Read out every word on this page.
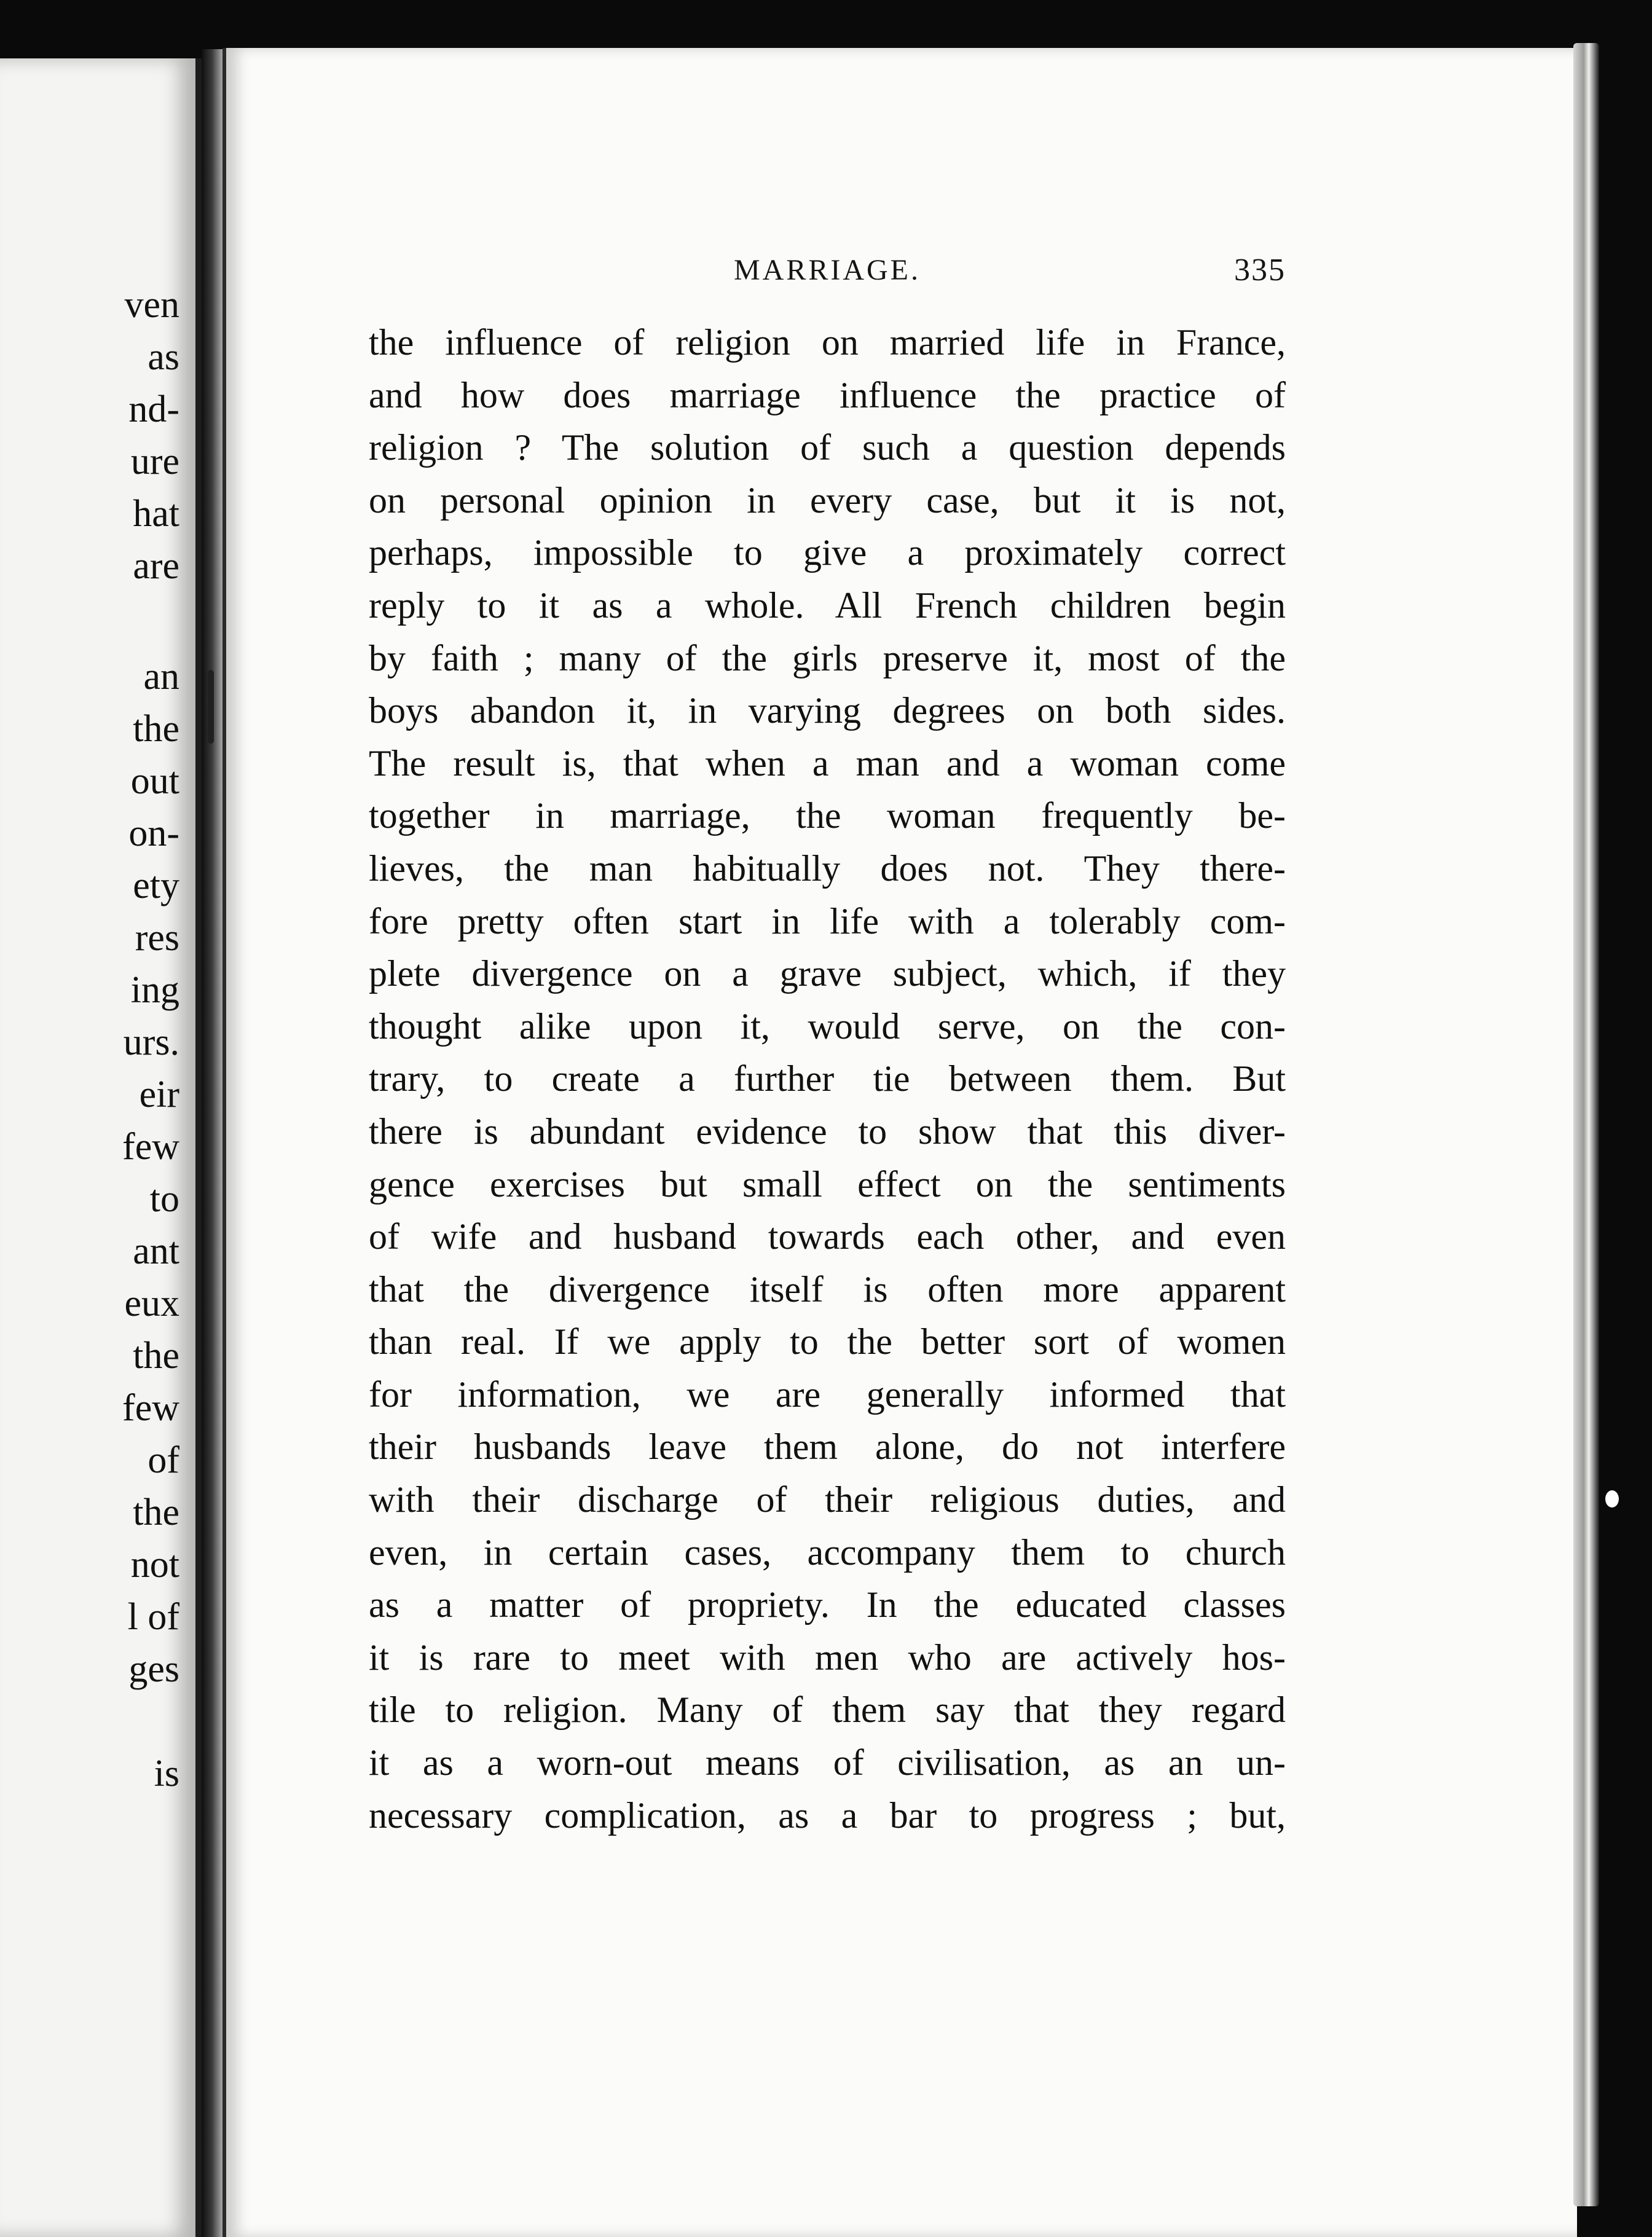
ven
as
nd-
ure
hat
are
an
the
out
on-
ety
res
ing
urs.
eir
few
to
ant
eux
the
few
of
the
not
l of
ges
is
MARRIAGE.	335
the influence of religion on married life in France,
and how does marriage influence the practice of
religion ? The solution of such a question depends
on personal opinion in every case, but it is not,
perhaps, impossible to give a proximately correct
reply to it as a whole. All French children begin
by faith ; many of the girls preserve it, most of the
boys abandon it, in varying degrees on both sides.
The result is, that when a man and a woman come
together in marriage, the woman frequently be-
lieves, the man habitually does not. They there-
fore pretty often start in life with a tolerably com-
plete divergence on a grave subject, which, if they
thought alike upon it, would serve, on the con-
trary, to create a further tie between them. But
there is abundant evidence to show that this diver-
gence exercises but small effect on the sentiments
of wife and husband towards each other, and even
that the divergence itself is often more apparent
than real. If we apply to the better sort of women
for information, we are generally informed that
their husbands leave them alone, do not interfere
with their discharge of their religious duties, and
even, in certain cases, accompany them to church
as a matter of propriety. In the educated classes
it is rare to meet with men who are actively hos-
tile to religion. Many of them say that they regard
it as a worn-out means of civilisation, as an un-
necessary complication, as a bar to progress ; but,
